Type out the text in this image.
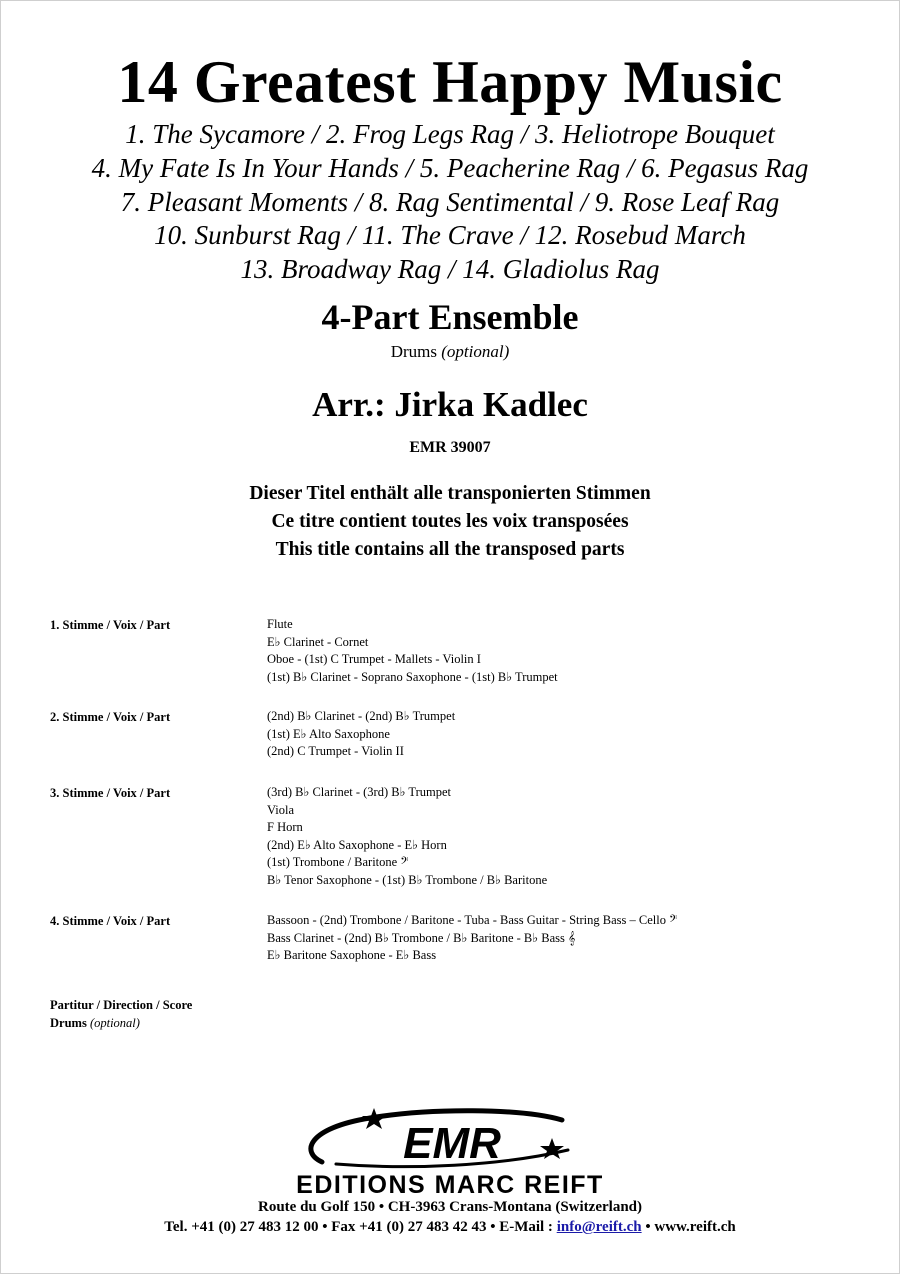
14 Greatest Happy Music
1. The Sycamore / 2. Frog Legs Rag / 3. Heliotrope Bouquet
4. My Fate Is In Your Hands / 5. Peacherine Rag / 6. Pegasus Rag
7. Pleasant Moments / 8. Rag Sentimental / 9. Rose Leaf Rag
10. Sunburst Rag / 11. The Crave / 12. Rosebud March
13. Broadway Rag / 14. Gladiolus Rag
4-Part Ensemble
Drums (optional)
Arr.: Jirka Kadlec
EMR 39007
Dieser Titel enthält alle transponierten Stimmen
Ce titre contient toutes les voix transposées
This title contains all the transposed parts
1. Stimme / Voix / Part	Flute
E♭ Clarinet - Cornet
Oboe - (1st) C Trumpet - Mallets - Violin I
(1st) B♭ Clarinet - Soprano Saxophone - (1st) B♭ Trumpet
2. Stimme / Voix / Part	(2nd) B♭ Clarinet - (2nd) B♭ Trumpet
(1st) E♭ Alto Saxophone
(2nd) C Trumpet - Violin II
3. Stimme / Voix / Part	(3rd) B♭ Clarinet - (3rd) B♭ Trumpet
Viola
F Horn
(2nd) E♭ Alto Saxophone - E♭ Horn
(1st) Trombone / Baritone 𝄢
B♭ Tenor Saxophone - (1st) B♭ Trombone / B♭ Baritone
4. Stimme / Voix / Part	Bassoon - (2nd) Trombone / Baritone - Tuba - Bass Guitar - String Bass – Cello 𝄢
Bass Clarinet - (2nd) B♭ Trombone / B♭ Baritone - B♭ Bass 𝄞
E♭ Baritone Saxophone - E♭ Bass
Partitur / Direction / Score
Drums (optional)
EMR
EDITIONS MARC REIFT
Route du Golf 150 • CH-3963 Crans-Montana (Switzerland)
Tel. +41 (0) 27 483 12 00 • Fax +41 (0) 27 483 42 43 • E-Mail : info@reift.ch • www.reift.ch
